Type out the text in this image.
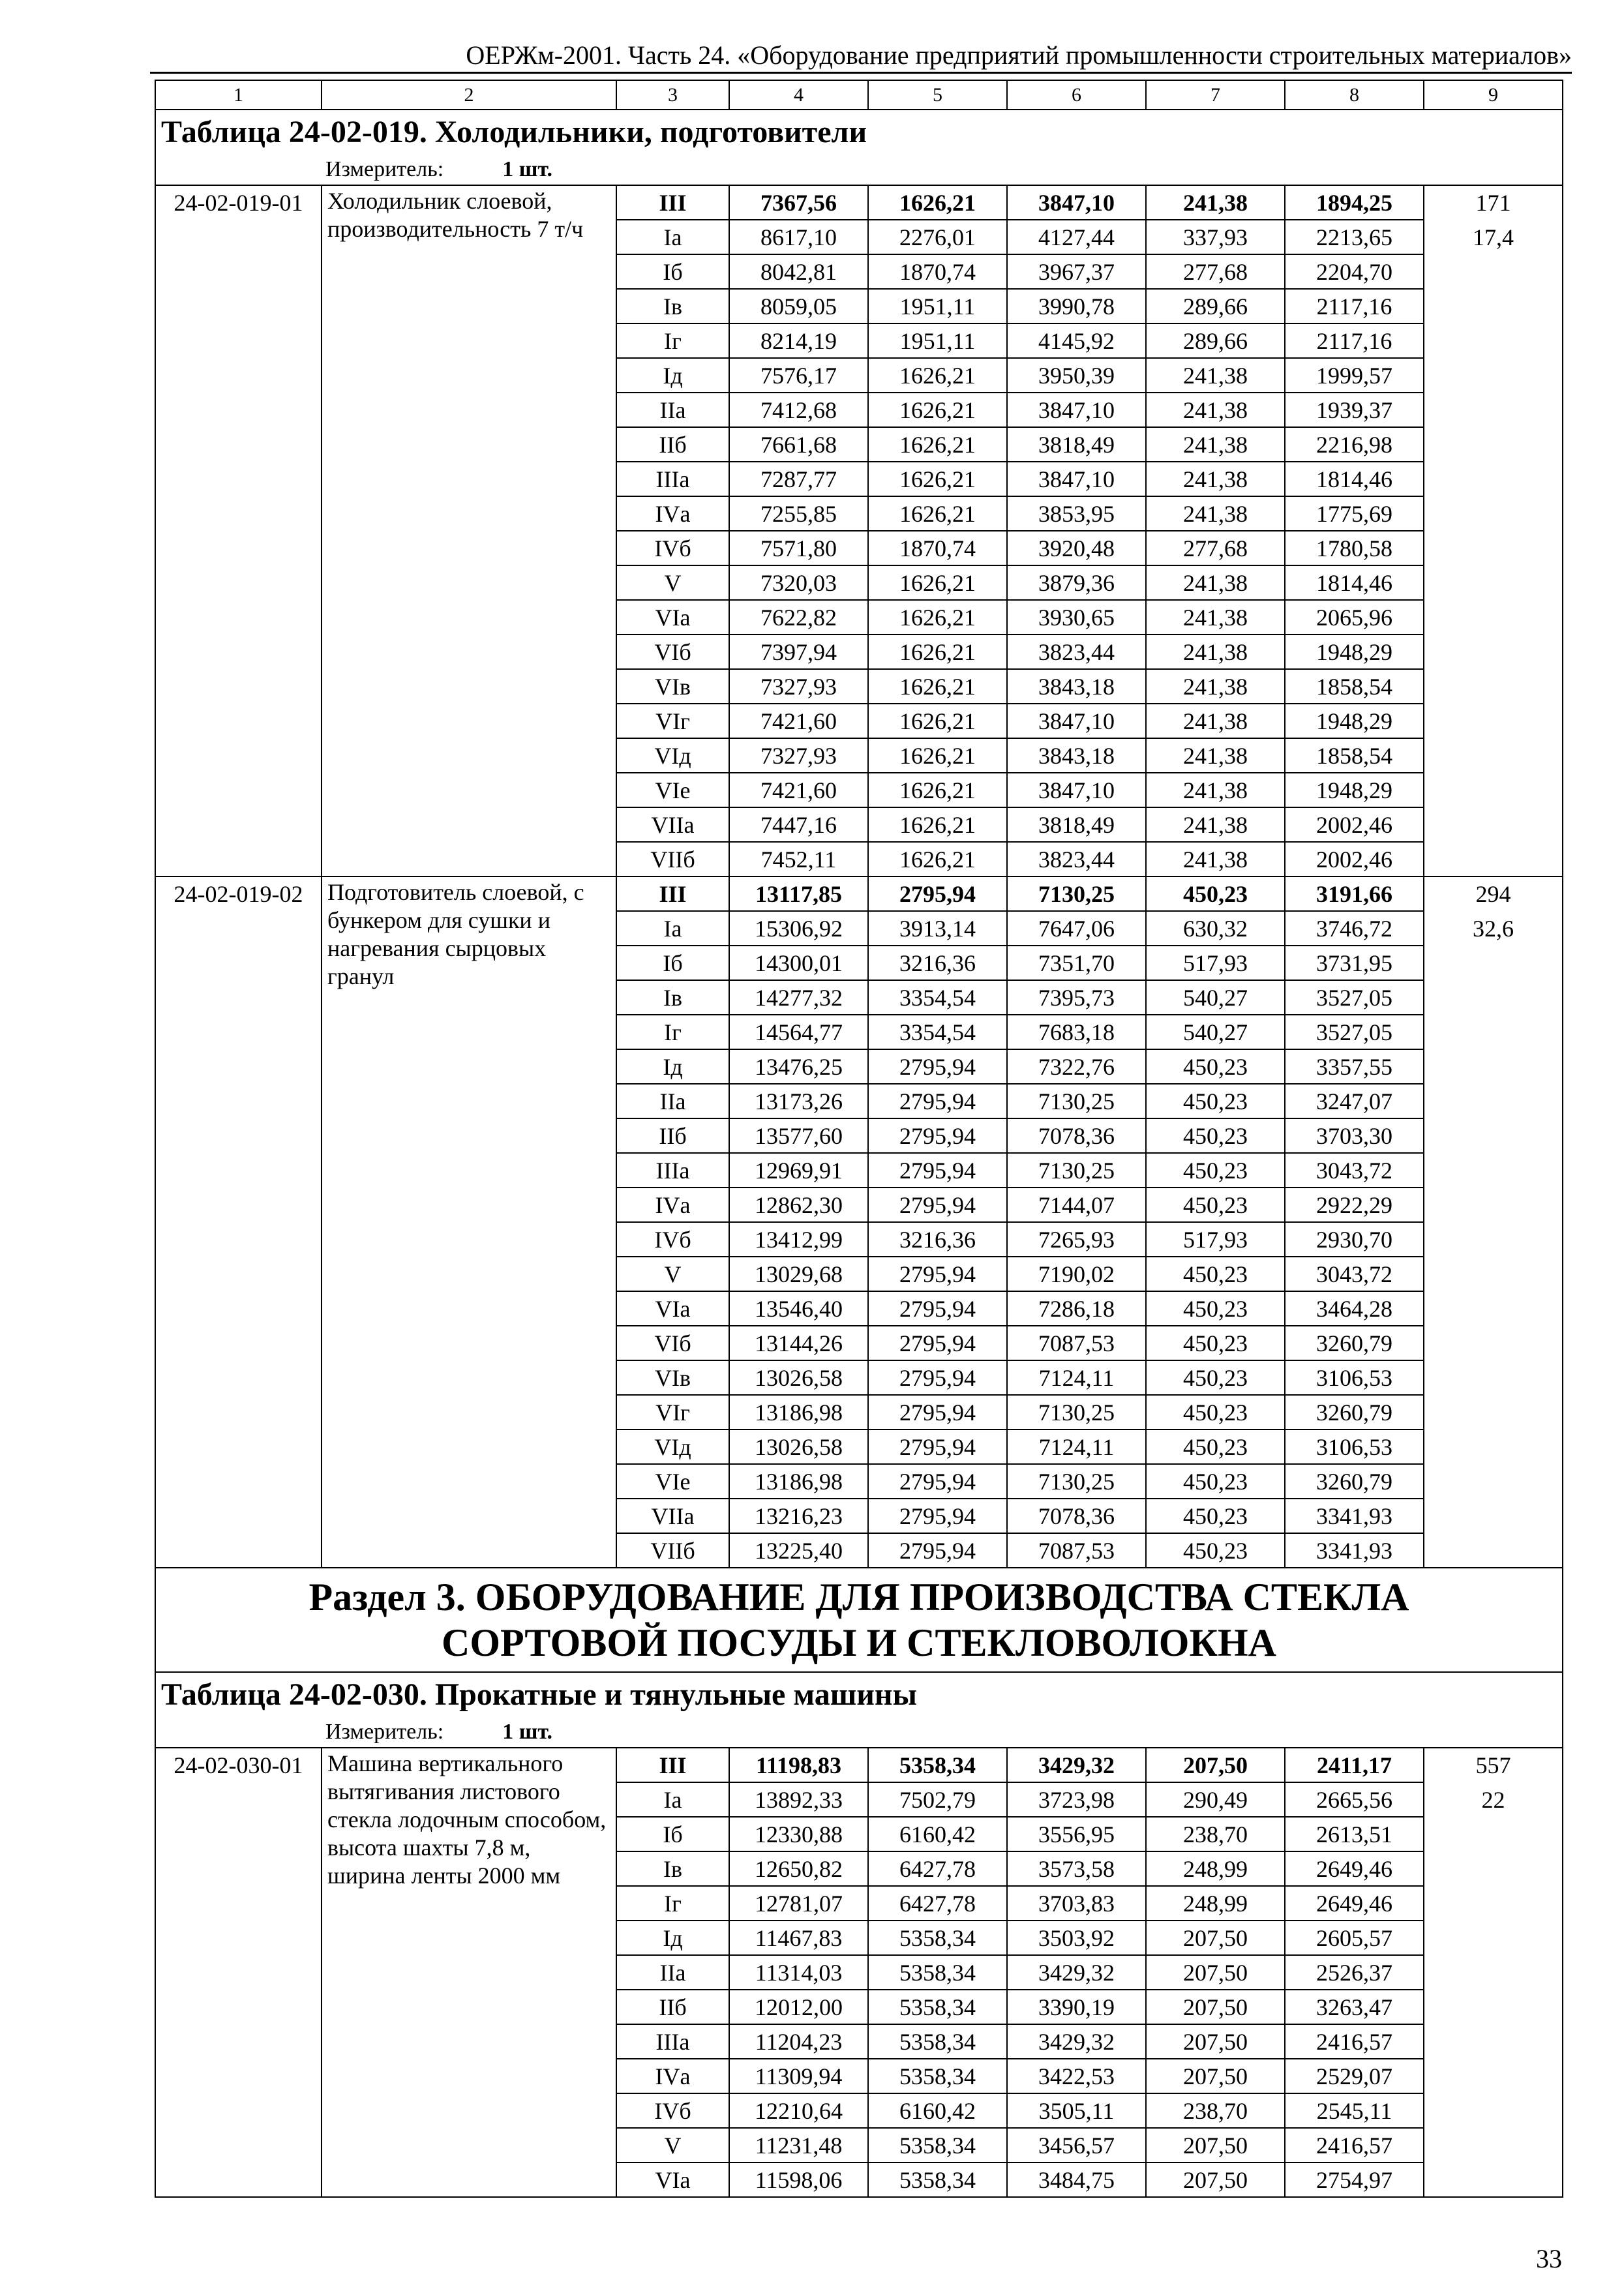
ОЕРЖм-2001. Часть 24. «Оборудование предприятий промышленности строительных материалов»
1	2	3	4	5	6	7	8	9
Таблица 24-02-019. Холодильники, подготовители								
Измеритель: 1 шт.								
24-02-019-01	Холодильник слоевой, производительность 7 т/ч	III	7367,56	1626,21	3847,10	241,38	1894,25	171
		Iа	8617,10	2276,01	4127,44	337,93	2213,65	17,4
		Iб	8042,81	1870,74	3967,37	277,68	2204,70	
		Iв	8059,05	1951,11	3990,78	289,66	2117,16	
		Iг	8214,19	1951,11	4145,92	289,66	2117,16	
		Iд	7576,17	1626,21	3950,39	241,38	1999,57	
		IIа	7412,68	1626,21	3847,10	241,38	1939,37	
		IIб	7661,68	1626,21	3818,49	241,38	2216,98	
		IIIа	7287,77	1626,21	3847,10	241,38	1814,46	
		IVа	7255,85	1626,21	3853,95	241,38	1775,69	
		IVб	7571,80	1870,74	3920,48	277,68	1780,58	
		V	7320,03	1626,21	3879,36	241,38	1814,46	
		VIа	7622,82	1626,21	3930,65	241,38	2065,96	
		VIб	7397,94	1626,21	3823,44	241,38	1948,29	
		VIв	7327,93	1626,21	3843,18	241,38	1858,54	
		VIг	7421,60	1626,21	3847,10	241,38	1948,29	
		VIд	7327,93	1626,21	3843,18	241,38	1858,54	
		VIе	7421,60	1626,21	3847,10	241,38	1948,29	
		VIIа	7447,16	1626,21	3818,49	241,38	2002,46	
		VIIб	7452,11	1626,21	3823,44	241,38	2002,46	
24-02-019-02	Подготовитель слоевой, с бункером для сушки и нагревания сырцовых гранул	III	13117,85	2795,94	7130,25	450,23	3191,66	294
		Iа	15306,92	3913,14	7647,06	630,32	3746,72	32,6
		Iб	14300,01	3216,36	7351,70	517,93	3731,95	
		Iв	14277,32	3354,54	7395,73	540,27	3527,05	
		Iг	14564,77	3354,54	7683,18	540,27	3527,05	
		Iд	13476,25	2795,94	7322,76	450,23	3357,55	
		IIа	13173,26	2795,94	7130,25	450,23	3247,07	
		IIб	13577,60	2795,94	7078,36	450,23	3703,30	
		IIIа	12969,91	2795,94	7130,25	450,23	3043,72	
		IVа	12862,30	2795,94	7144,07	450,23	2922,29	
		IVб	13412,99	3216,36	7265,93	517,93	2930,70	
		V	13029,68	2795,94	7190,02	450,23	3043,72	
		VIа	13546,40	2795,94	7286,18	450,23	3464,28	
		VIб	13144,26	2795,94	7087,53	450,23	3260,79	
		VIв	13026,58	2795,94	7124,11	450,23	3106,53	
		VIг	13186,98	2795,94	7130,25	450,23	3260,79	
		VIд	13026,58	2795,94	7124,11	450,23	3106,53	
		VIе	13186,98	2795,94	7130,25	450,23	3260,79	
		VIIа	13216,23	2795,94	7078,36	450,23	3341,93	
		VIIб	13225,40	2795,94	7087,53	450,23	3341,93	
Раздел 3. ОБОРУДОВАНИЕ ДЛЯ ПРОИЗВОДСТВА СТЕКЛА СОРТОВОЙ ПОСУДЫ И СТЕКЛОВОЛОКНА								
Таблица 24-02-030. Прокатные и тянульные машины								
Измеритель: 1 шт.								
24-02-030-01	Машина вертикального вытягивания листового стекла лодочным способом, высота шахты 7,8 м, ширина ленты 2000 мм	III	11198,83	5358,34	3429,32	207,50	2411,17	557
		Iа	13892,33	7502,79	3723,98	290,49	2665,56	22
		Iб	12330,88	6160,42	3556,95	238,70	2613,51	
		Iв	12650,82	6427,78	3573,58	248,99	2649,46	
		Iг	12781,07	6427,78	3703,83	248,99	2649,46	
		Iд	11467,83	5358,34	3503,92	207,50	2605,57	
		IIа	11314,03	5358,34	3429,32	207,50	2526,37	
		IIб	12012,00	5358,34	3390,19	207,50	3263,47	
		IIIа	11204,23	5358,34	3429,32	207,50	2416,57	
		IVа	11309,94	5358,34	3422,53	207,50	2529,07	
		IVб	12210,64	6160,42	3505,11	238,70	2545,11	
		V	11231,48	5358,34	3456,57	207,50	2416,57	
		VIа	11598,06	5358,34	3484,75	207,50	2754,97	
33
